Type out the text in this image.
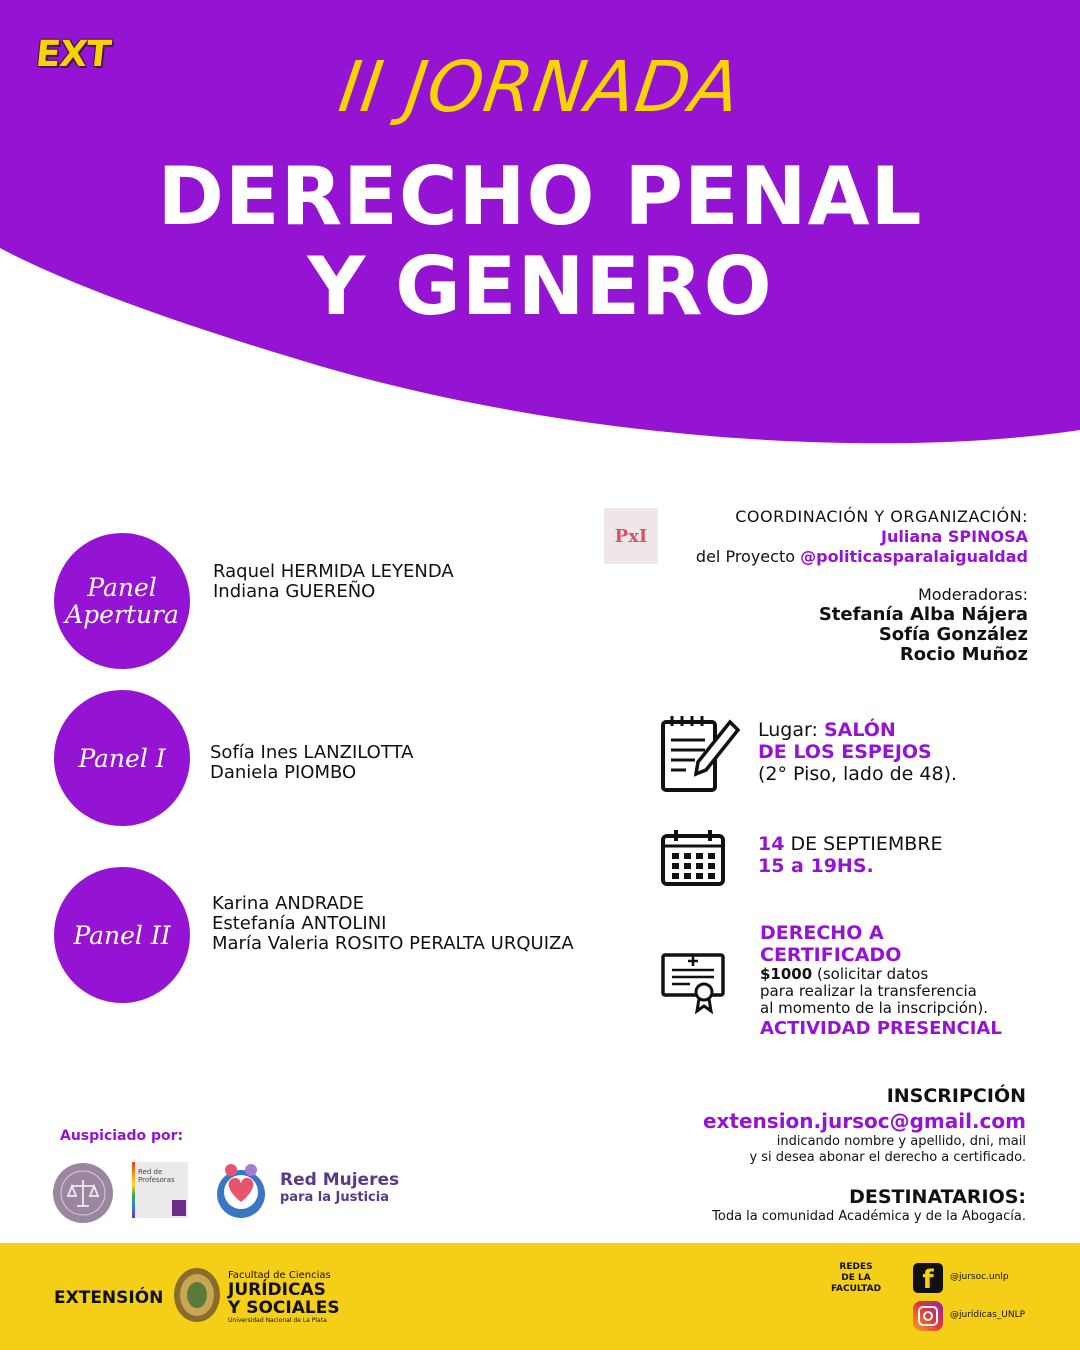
EXT	II JORNADA
DERECHO PENAL
Y GENERO
Panel
Apertura
Raquel HERMIDA LEYENDA
Indiana GUEREÑO
Panel I Sofía Ines LANZILOTTA
Daniela PIOMBO
Panel II
Karina ANDRADE
Estefanía ANTOLINI
María Valeria ROSITO PERALTA URQUIZA
PxI
COORDINACIÓN Y ORGANIZACIÓN:
Juliana SPINOSA
del Proyecto @politicasparalaigualdad
Moderadoras:
Stefanía Alba Nájera
Sofía González
Rocio Muñoz
Lugar: SALÓN
DE LOS ESPEJOS
(2° Piso, lado de 48).
14 DE SEPTIEMBRE
15 a 19HS.
DERECHO A
CERTIFICADO
$1000 (solicitar datos
para realizar la transferencia
al momento de la inscripción).
ACTIVIDAD PRESENCIAL
INSCRIPCIÓN
extension.jursoc@gmail.com
indicando nombre y apellido, dni, mail
y si desea abonar el derecho a certificado.
DESTINATARIOS:
Toda la comunidad Académica y de la Abogacía.
Auspiciado por:
Red de
Profesoras	Red Mujeres
para la Justicia
EXTENSIÓN
Facultad de Ciencias
JURÍDICAS
Y SOCIALES
Universidad Nacional de La Plata
REDES
DE LA
FACULTAD	f @jursoc.unlp
@jurídicas_UNLP
